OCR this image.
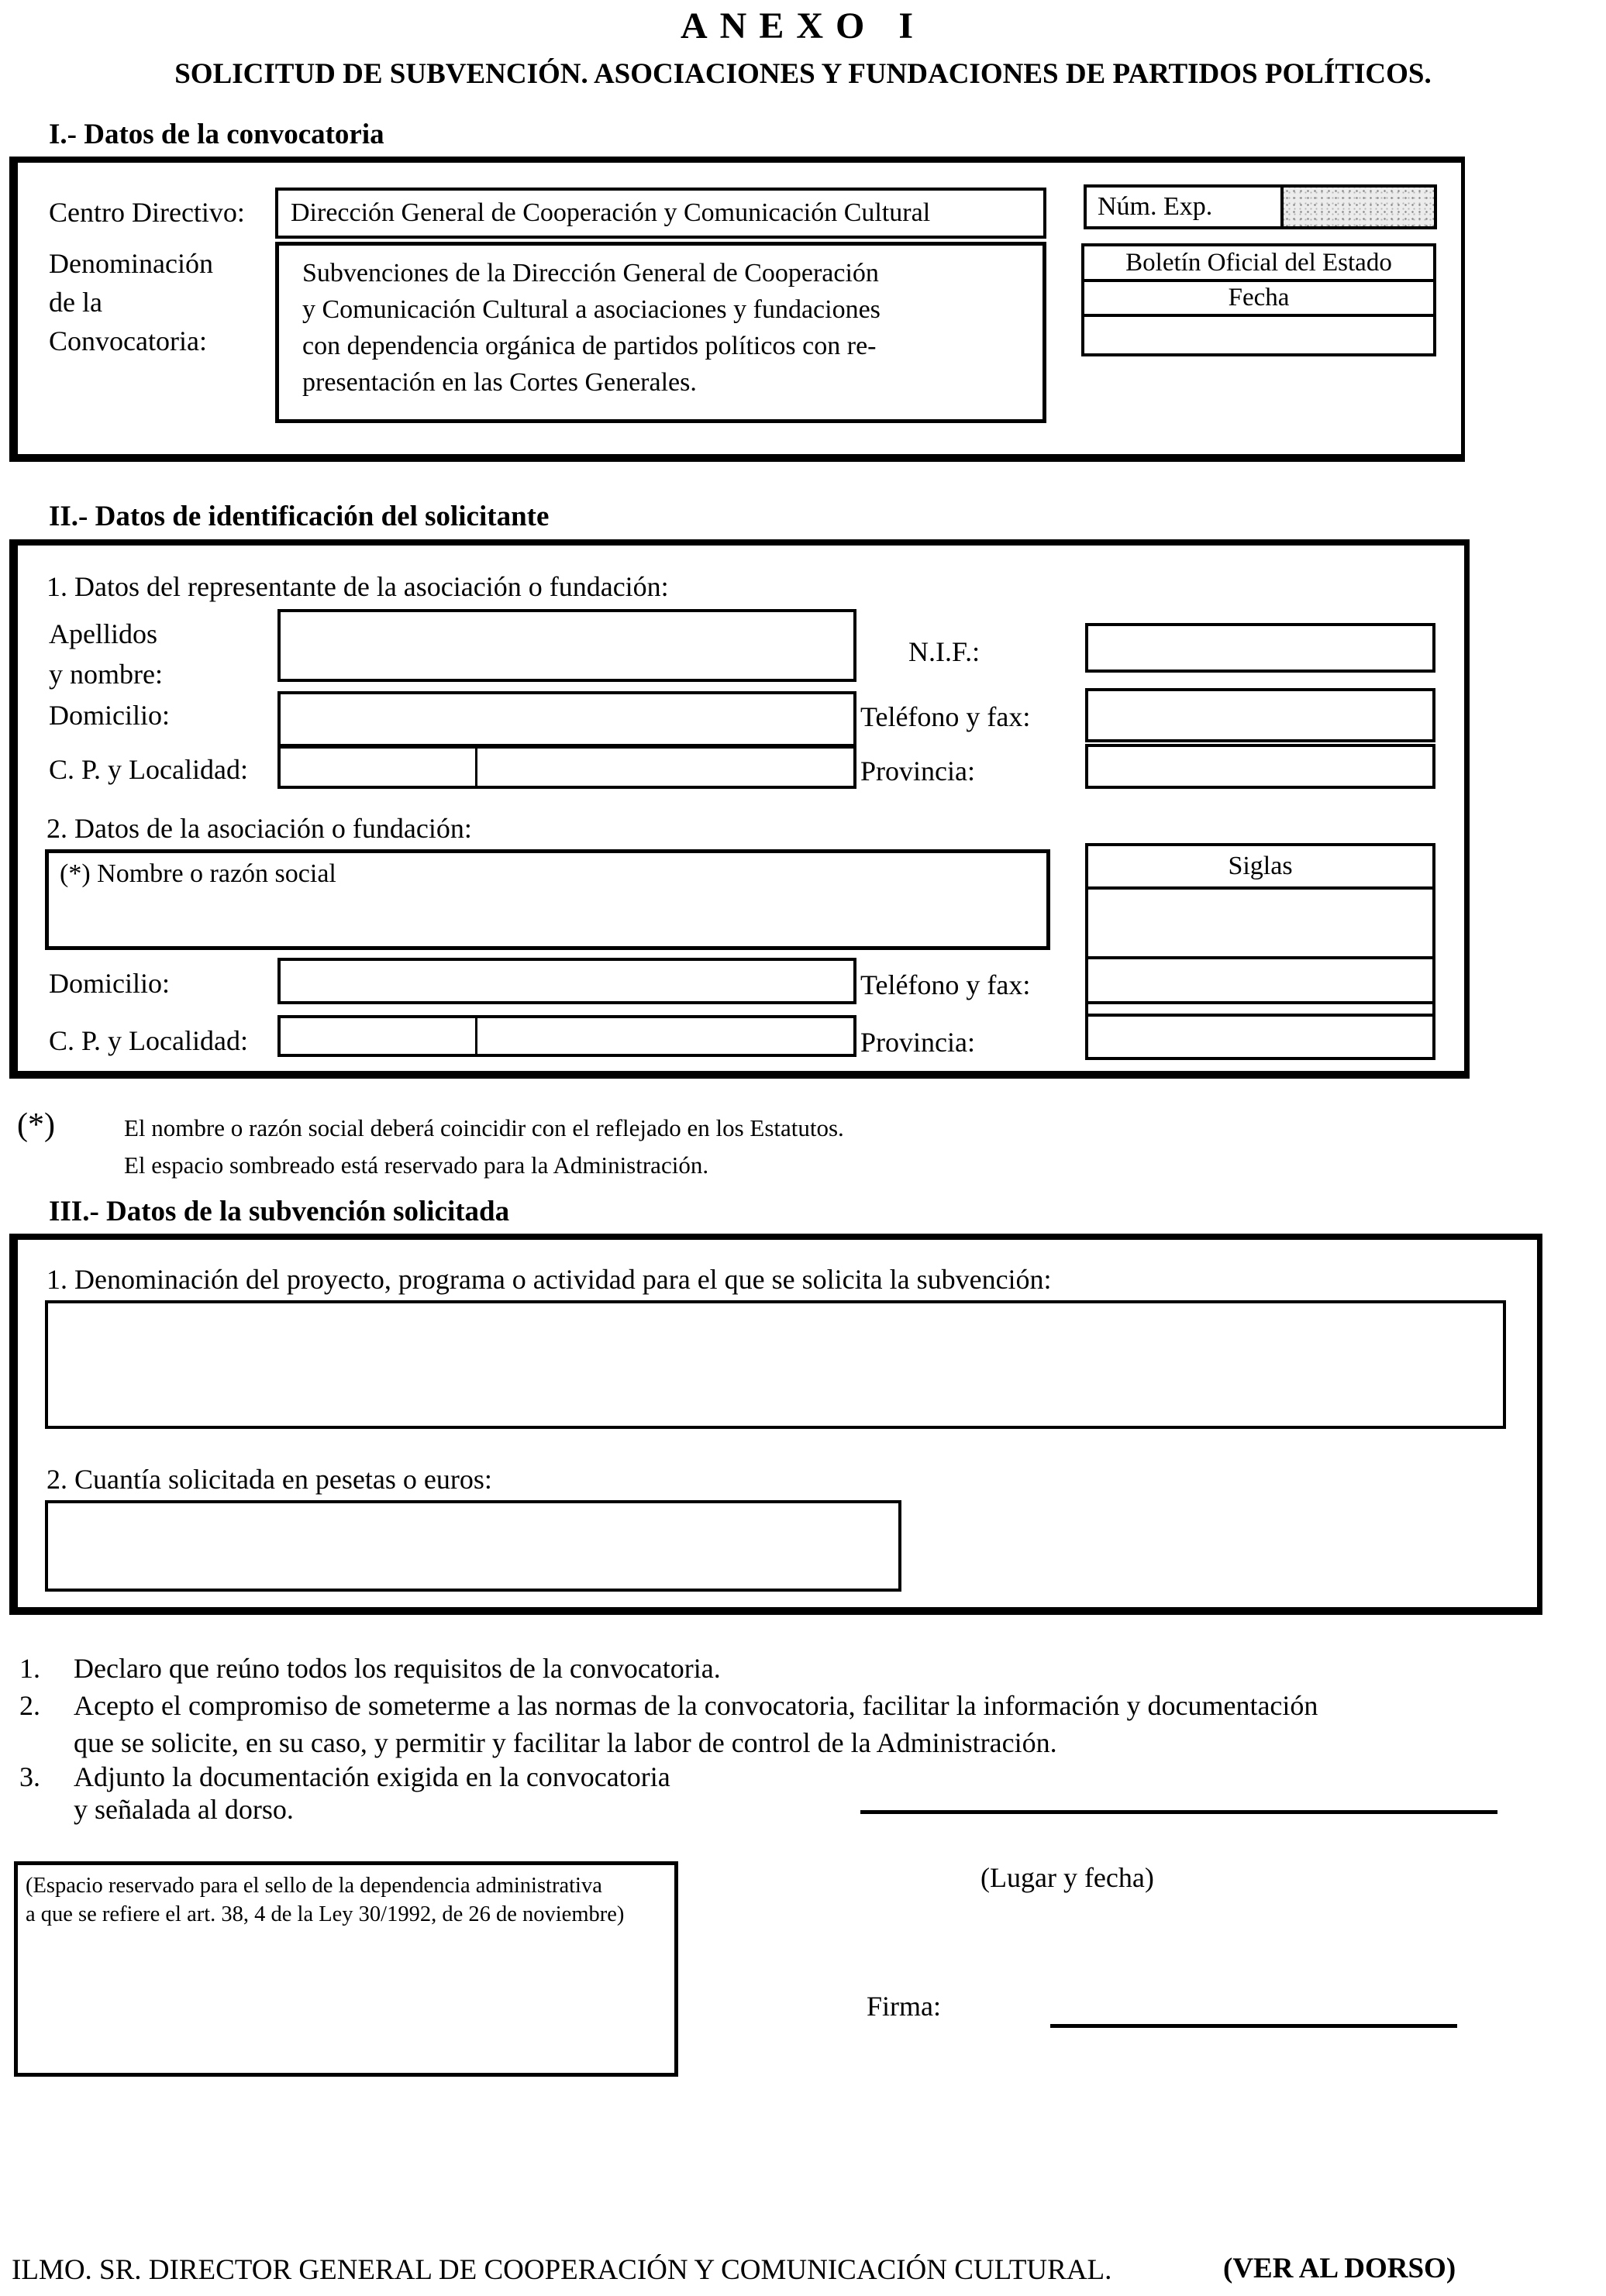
ANEXO I
SOLICITUD DE SUBVENCIÓN. ASOCIACIONES Y FUNDACIONES DE PARTIDOS POLÍTICOS.
I.- Datos de la convocatoria
Centro Directivo:	Dirección General de Cooperación y Comunicación Cultural	Núm. Exp.
Denominación
de la
Convocatoria:
Subvenciones de la Dirección General de Cooperación
y Comunicación Cultural a asociaciones y fundaciones
con dependencia orgánica de partidos políticos con re-
presentación en las Cortes Generales.
Boletín Oficial del Estado
Fecha
II.- Datos de identificación del solicitante
1. Datos del representante de la asociación o fundación:
Apellidos
y nombre:
N.I.F.:
Domicilio:	Teléfono y fax:
C. P. y Localidad:	Provincia:
2. Datos de la asociación o fundación:
(*) Nombre o razón social	Siglas
Domicilio:	Teléfono y fax:
C. P. y Localidad:	Provincia:
(*)	El nombre o razón social deberá coincidir con el reflejado en los Estatutos.
El espacio sombreado está reservado para la Administración.
III.- Datos de la subvención solicitada
1. Denominación del proyecto, programa o actividad para el que se solicita la subvención:
2. Cuantía solicitada en pesetas o euros:
1. Declaro que reúno todos los requisitos de la convocatoria.
2. Acepto el compromiso de someterme a las normas de la convocatoria, facilitar la información y documentación
que se solicite, en su caso, y permitir y facilitar la labor de control de la Administración.
3. Adjunto la documentación exigida en la convocatoria
y señalada al dorso.
(Espacio reservado para el sello de la dependencia administrativa
a que se refiere el art. 38, 4 de la Ley 30/1992, de 26 de noviembre)
(Lugar y fecha)
Firma:
ILMO. SR. DIRECTOR GENERAL DE COOPERACIÓN Y COMUNICACIÓN CULTURAL.	(VER AL DORSO)
